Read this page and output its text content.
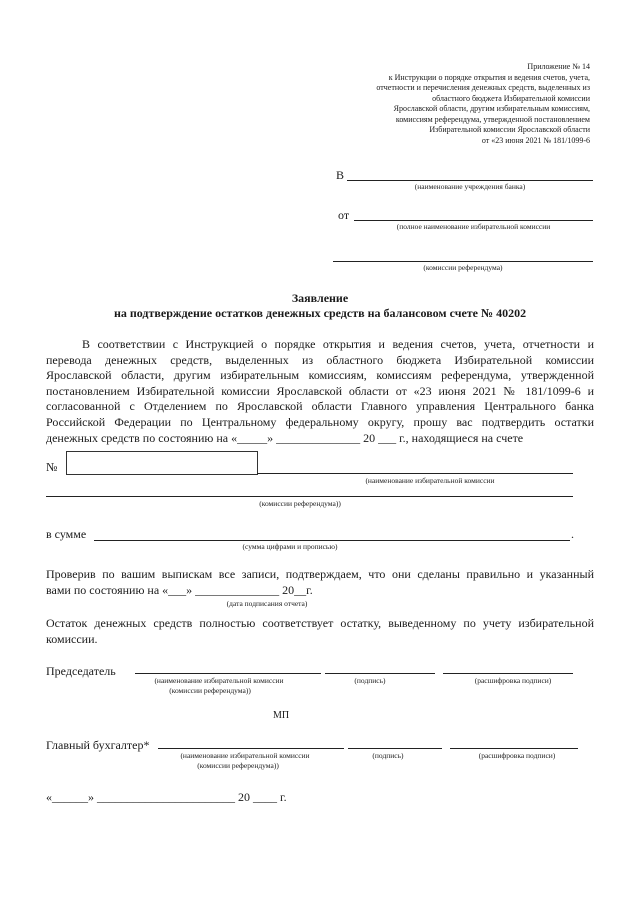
Приложение № 14
к Инструкции о порядке открытия и ведения счетов, учета,
отчетности и перечисления денежных средств, выделенных из
областного бюджета Избирательной комиссии
Ярославской области, другим избирательным комиссиям,
комиссиям референдума, утвержденной постановлением
Избирательной комиссии Ярославской области
от «23 июня 2021 № 181/1099-6
В
(наименование учреждения банка)
от
(полное наименование избирательной комиссии
(комиссии референдума)
Заявление
на подтверждение остатков денежных средств на балансовом счете № 40202
В соответствии с Инструкцией о порядке открытия и ведения счетов, учета, отчетности и
перевода денежных средств, выделенных из областного бюджета Избирательной комиссии
Ярославской области, другим избирательным комиссиям, комиссиям референдума, утвержденной
постановлением Избирательной комиссии Ярославской области от «23 июня 2021 № 181/1099-6 и
согласованной с Отделением по Ярославской области Главного управления Центрального банка
Российской Федерации по Центральному федеральному округу, прошу вас подтвердить остатки
денежных средств по состоянию на «_____» ______________ 20 ___ г., находящиеся на счете
№
(наименование избирательной комиссии
(комиссии референдума))
в сумме	.
(сумма цифрами и прописью)
Проверив по вашим выпискам все записи, подтверждаем, что они сделаны правильно и указанный
вами по состоянию на «___» ______________ 20__г.
(дата подписания отчета)
Остаток денежных средств полностью соответствует остатку, выведенному по учету избирательной
комиссии.
Председатель
(наименование избирательной комиссии
(комиссии референдума))
(подпись)	(расшифровка подписи)
МП
Главный бухгалтер*
(наименование избирательной комиссии
(комиссии референдума))
(подпись)	(расшифровка подписи)
«______» _______________________ 20 ____ г.
